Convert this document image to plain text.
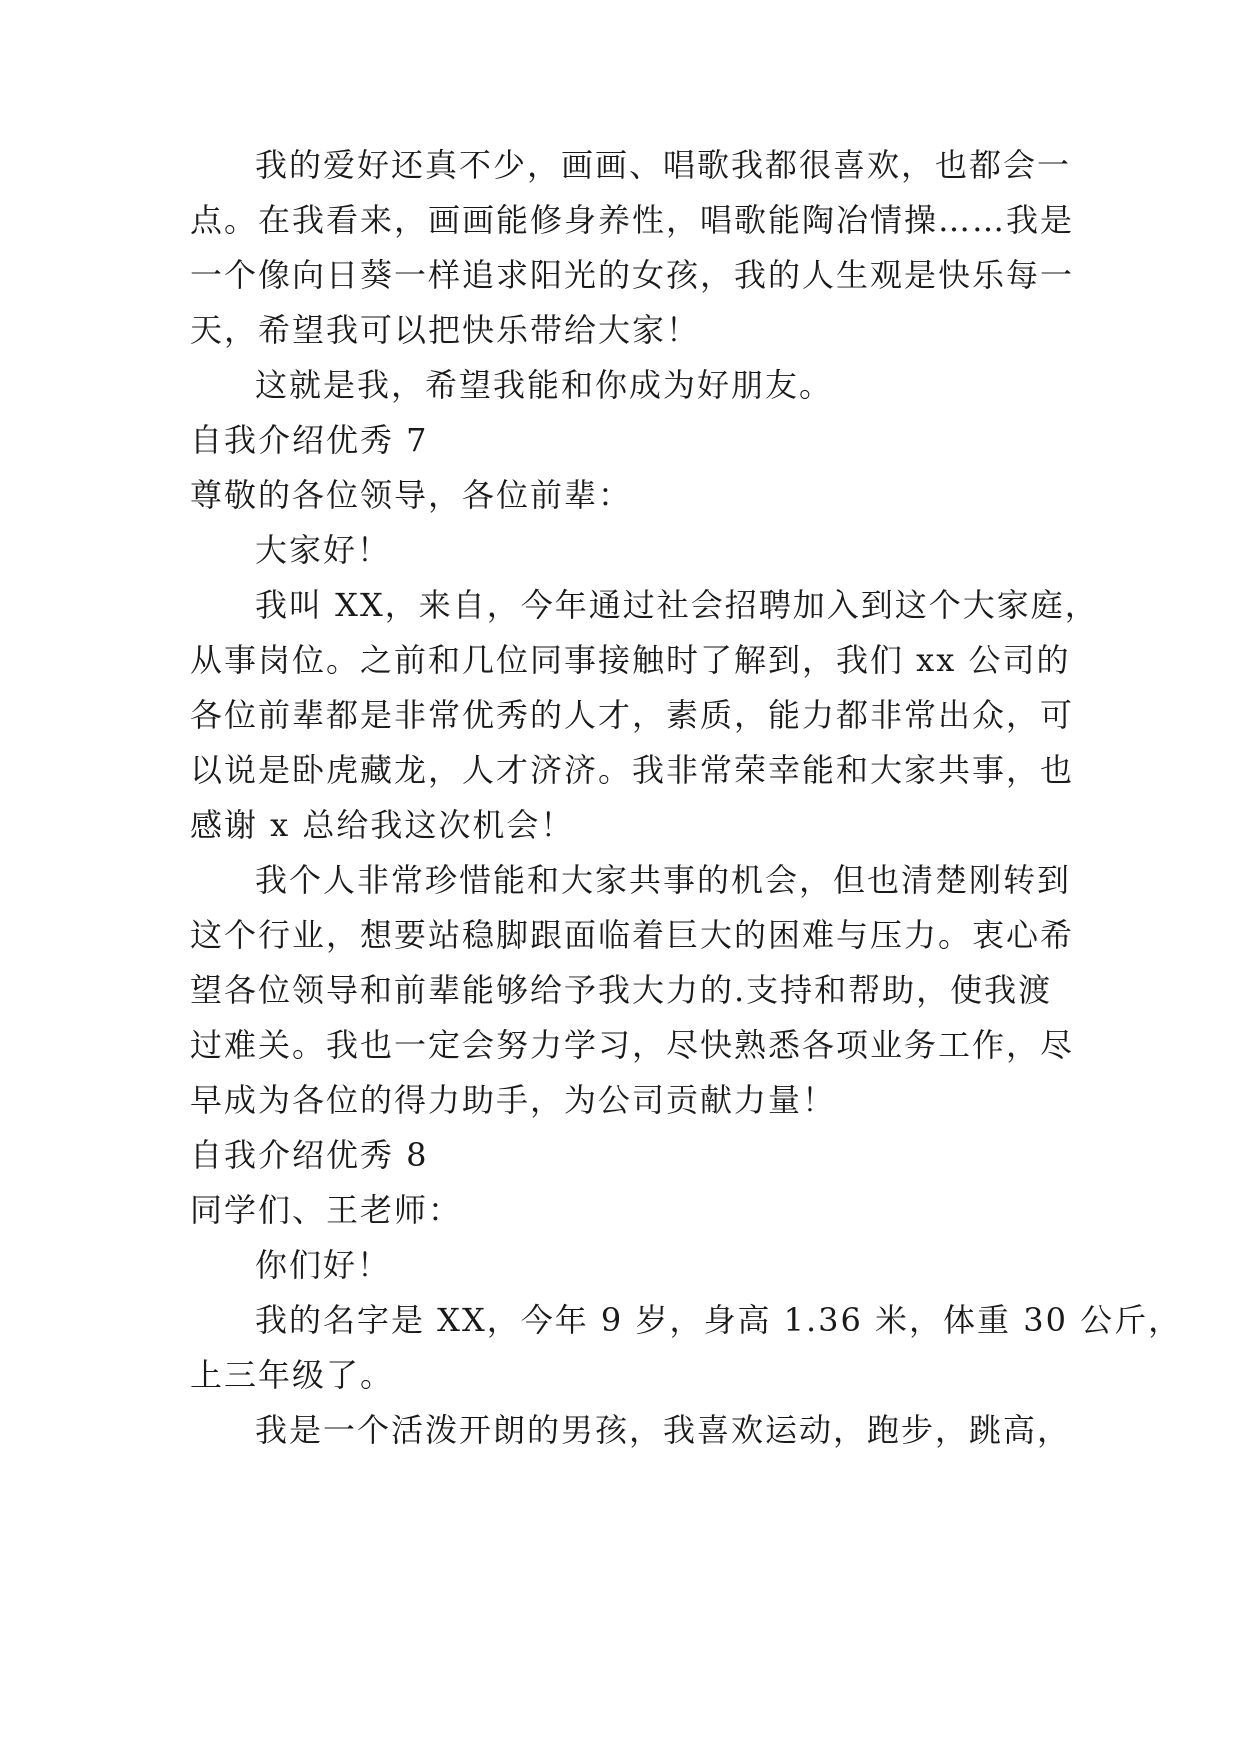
我的爱好还真不少，画画、唱歌我都很喜欢，也都会一
点。在我看来，画画能修身养性，唱歌能陶冶情操……我是
一个像向日葵一样追求阳光的女孩，我的人生观是快乐每一
天，希望我可以把快乐带给大家！
这就是我，希望我能和你成为好朋友。
自我介绍优秀 7
尊敬的各位领导，各位前辈：
大家好！
我叫 XX，来自，今年通过社会招聘加入到这个大家庭，
从事岗位。之前和几位同事接触时了解到，我们 xx 公司的
各位前辈都是非常优秀的人才，素质，能力都非常出众，可
以说是卧虎藏龙，人才济济。我非常荣幸能和大家共事，也
感谢 x 总给我这次机会！
我个人非常珍惜能和大家共事的机会，但也清楚刚转到
这个行业，想要站稳脚跟面临着巨大的困难与压力。衷心希
望各位领导和前辈能够给予我大力的.支持和帮助，使我渡
过难关。我也一定会努力学习，尽快熟悉各项业务工作，尽
早成为各位的得力助手，为公司贡献力量！
自我介绍优秀 8
同学们、王老师：
你们好！
我的名字是 XX，今年 9 岁，身高 1.36 米，体重 30 公斤，
上三年级了。
我是一个活泼开朗的男孩，我喜欢运动，跑步，跳高，
